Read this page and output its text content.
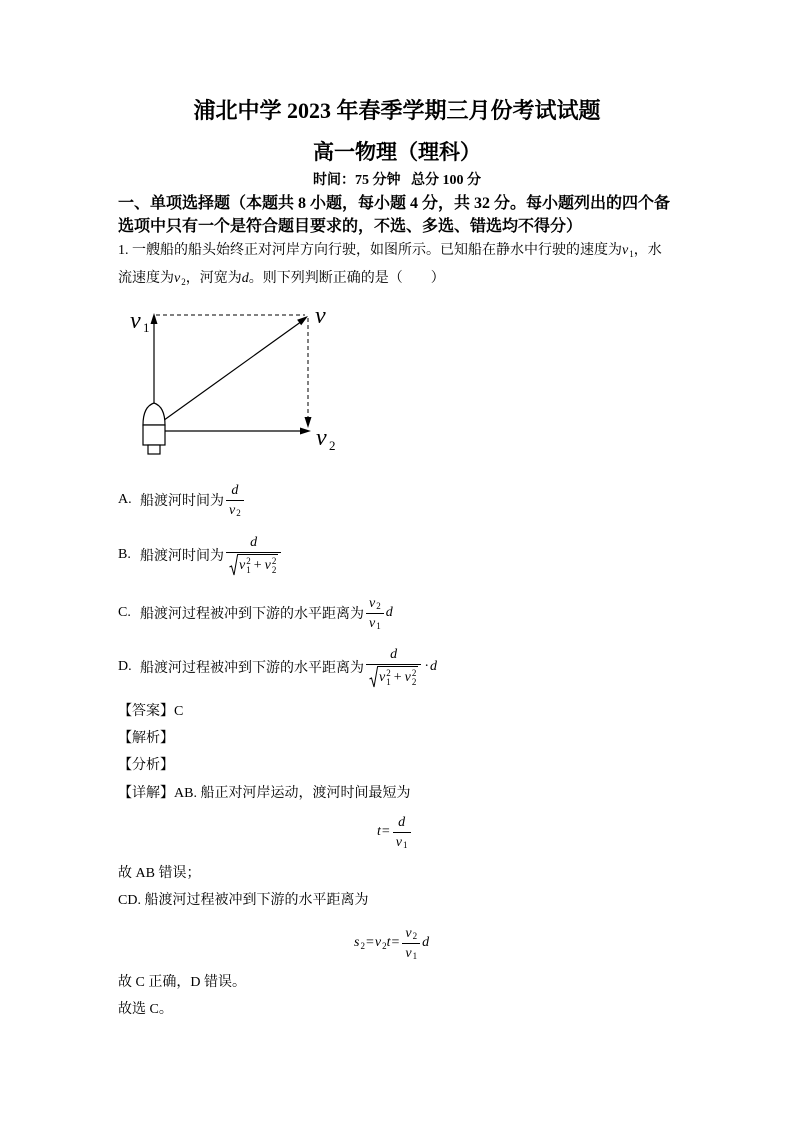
浦北中学 2023 年春季学期三月份考试试题
高一物理（理科）
时间：75 分钟   总分 100 分
一、单项选择题（本题共 8 小题，每小题 4 分，共 32 分。每小题列出的四个备
选项中只有一个是符合题目要求的，不选、多选、错选均不得分）
1. 一艘船的船头始终正对河岸方向行驶，如图所示。已知船在静水中行驶的速度为$v_1$，水
流速度为$v_2$，河宽为d。则下列判断正确的是（　　）
v 1	v
v 2
A. 船渡河时间为 $\frac{d}{v 2}$
B. 船渡河时间为 d
v 2
1 + v 2
2
C. 船渡河过程被冲到下游的水平距离为 $\frac{v 2}{v 1}$ d
D. 船渡河过程被冲到下游的水平距离为 d
v 2
1 + v 2
2 · d
【答案】C
【解析】
【分析】
【详解】AB. 船正对河岸运动，渡河时间最短为
$t = \frac{d}{v 1}$
故 AB 错误；
CD. 船渡河过程被冲到下游的水平距离为
s 2 = v 2 $t = \frac{v 2}{v 1}$ d
故 C 正确，D 错误。
故选 C。
